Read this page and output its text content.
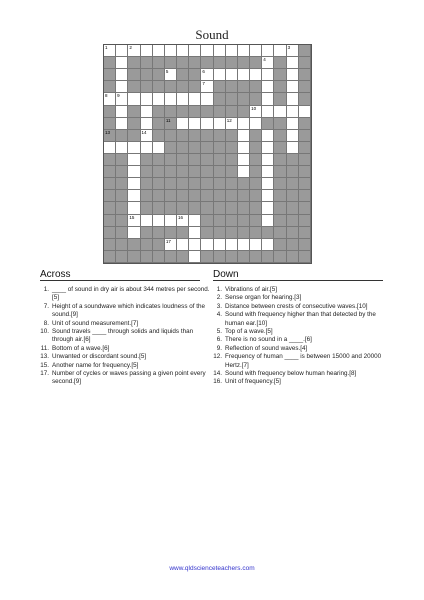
Sound
1	2	3
4
5	6
7
8 9
10
11	12
13	14
15	16
17
Across
1. ____ of sound in dry air is about 344 metres per second.[5]
7. Height of a soundwave which indicates loudness of the sound.[9]
8. Unit of sound measurement.[7]
10. Sound travels ____ through solids and liquids than through air.[6]
11. Bottom of a wave.[6]
13. Unwanted or discordant sound.[5]
15. Another name for frequency.[5]
17. Number of cycles or waves passing a given point every second.[9]
Down
1. Vibrations of air.[5]
2. Sense organ for hearing.[3]
3. Distance between crests of consecutive waves.[10]
4. Sound with frequency higher than that detected by the human ear.[10]
5. Top of a wave.[5]
6. There is no sound in a ____.[6]
9. Reflection of sound waves.[4]
12. Frequency of human ____ is between 15000 and 20000 Hertz.[7]
14. Sound with frequency below human hearing.[8]
16. Unit of frequency.[5]
www.qldscienceteachers.com
